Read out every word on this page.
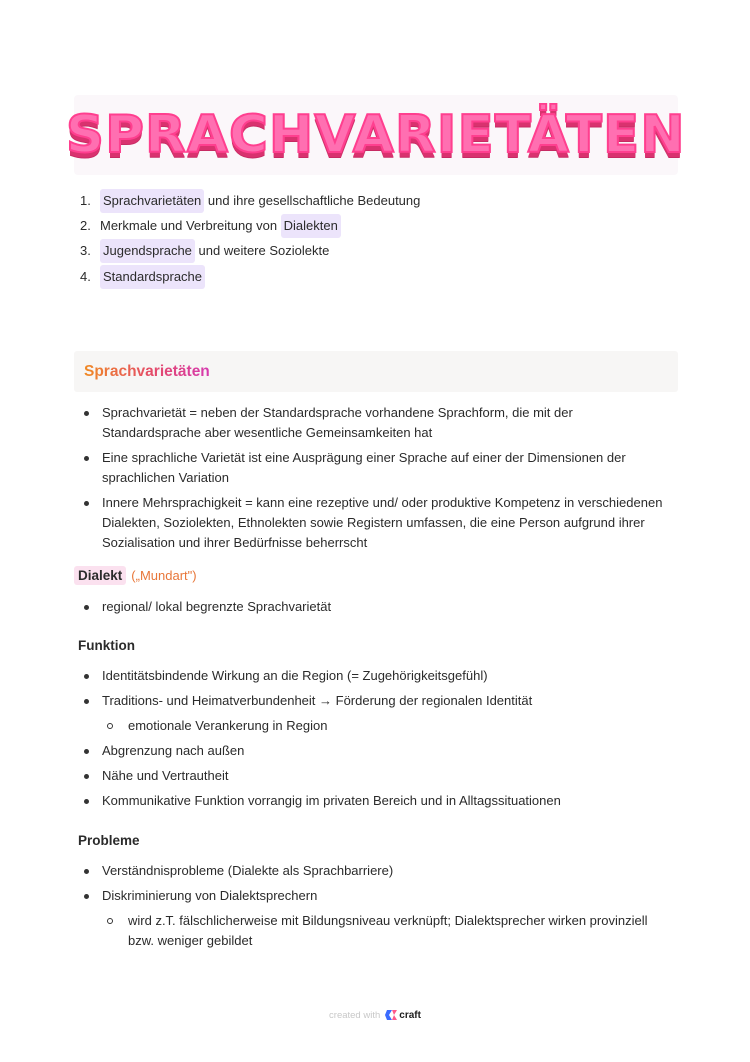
SPRACHVARIETÄTEN
1. Sprachvarietäten und ihre gesellschaftliche Bedeutung
2. Merkmale und Verbreitung von Dialekten
3. Jugendsprache und weitere Soziolekte
4. Standardsprache
Sprachvarietäten
Sprachvarietät = neben der Standardsprache vorhandene Sprachform, die mit der Standardsprache aber wesentliche Gemeinsamkeiten hat
Eine sprachliche Varietät ist eine Ausprägung einer Sprache auf einer der Dimensionen der sprachlichen Variation
Innere Mehrsprachigkeit = kann eine rezeptive und/ oder produktive Kompetenz in verschiedenen Dialekten, Soziolekten, Ethnolekten sowie Registern umfassen, die eine Person aufgrund ihrer Sozialisation und ihrer Bedürfnisse beherrscht
Dialekt („Mundart")
regional/ lokal begrenzte Sprachvarietät
Funktion
Identitätsbindende Wirkung an die Region (= Zugehörigkeitsgefühl)
Traditions- und Heimatverbundenheit → Förderung der regionalen Identität
emotionale Verankerung in Region
Abgrenzung nach außen
Nähe und Vertrautheit
Kommunikative Funktion vorrangig im privaten Bereich und in Alltagssituationen
Probleme
Verständnisprobleme (Dialekte als Sprachbarriere)
Diskriminierung von Dialektsprechern
wird z.T. fälschlicherweise mit Bildungsniveau verknüpft; Dialektsprecher wirken provinziell bzw. weniger gebildet
created with craft
